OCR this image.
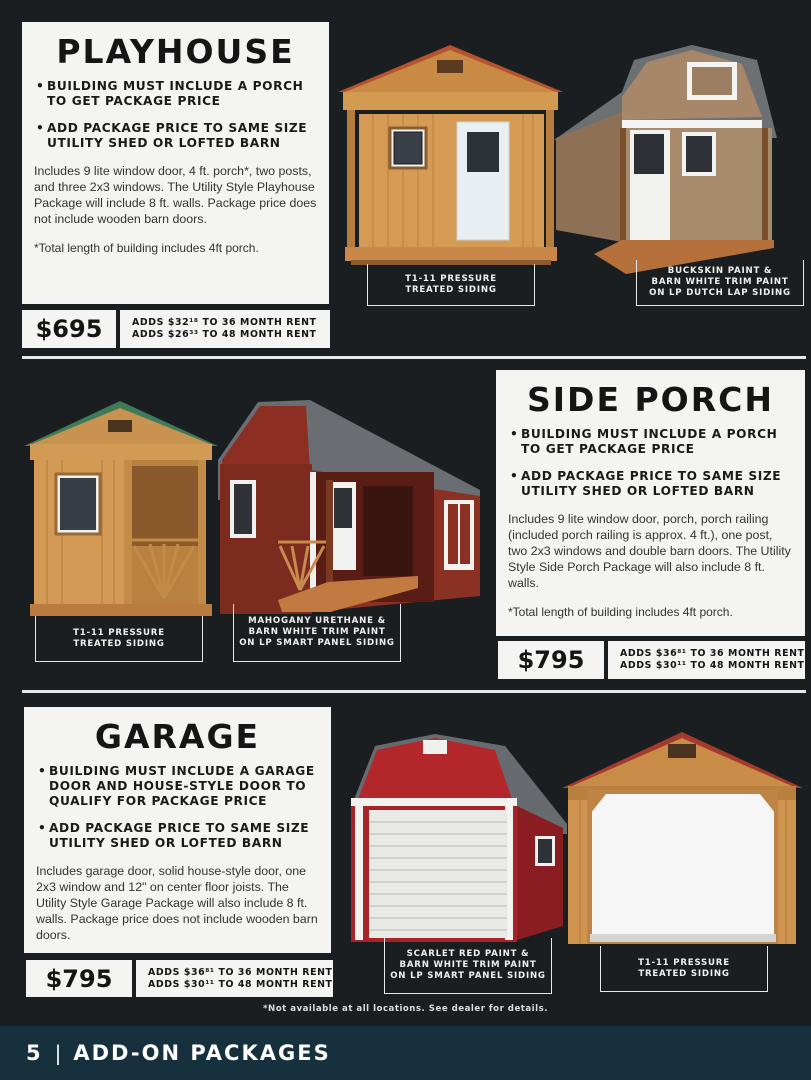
PLAYHOUSE
• BUILDING MUST INCLUDE A PORCH TO GET PACKAGE PRICE
• ADD PACKAGE PRICE TO SAME SIZE UTILITY SHED OR LOFTED BARN

Includes 9 lite window door, 4 ft. porch*, two posts, and three 2x3 windows. The Utility Style Playhouse Package will include 8 ft. walls. Package price does not include wooden barn doors.

*Total length of building includes 4ft porch.
$695	ADDS $32¹⁸ TO 36 MONTH RENT
ADDS $26³³ TO 48 MONTH RENT
T1-11 PRESSURE
TREATED SIDING
BUCKSKIN PAINT &
BARN WHITE TRIM PAINT
ON LP DUTCH LAP SIDING
SIDE PORCH
• BUILDING MUST INCLUDE A PORCH TO GET PACKAGE PRICE
• ADD PACKAGE PRICE TO SAME SIZE UTILITY SHED OR LOFTED BARN

Includes 9 lite window door, porch, porch railing (included porch railing is approx. 4 ft.), one post, two 2x3 windows and double barn doors. The Utility Style Side Porch Package will also include 8 ft. walls.

*Total length of building includes 4ft porch.
$795	ADDS $36⁸¹ TO 36 MONTH RENT
ADDS $30¹¹ TO 48 MONTH RENT
T1-11 PRESSURE
TREATED SIDING
MAHOGANY URETHANE &
BARN WHITE TRIM PAINT
ON LP SMART PANEL SIDING
GARAGE
• BUILDING MUST INCLUDE A GARAGE DOOR AND HOUSE-STYLE DOOR TO QUALIFY FOR PACKAGE PRICE
• ADD PACKAGE PRICE TO SAME SIZE UTILITY SHED OR LOFTED BARN

Includes garage door, solid house-style door, one 2x3 window and 12" on center floor joists. The Utility Style Garage Package will also include 8 ft. walls. Package price does not include wooden barn doors.

$795	ADDS $36⁸¹ TO 36 MONTH RENT
ADDS $30¹¹ TO 48 MONTH RENT
SCARLET RED PAINT &
BARN WHITE TRIM PAINT
ON LP SMART PANEL SIDING
T1-11 PRESSURE
TREATED SIDING
*Not available at all locations. See dealer for details.
5 | ADD-ON PACKAGES
